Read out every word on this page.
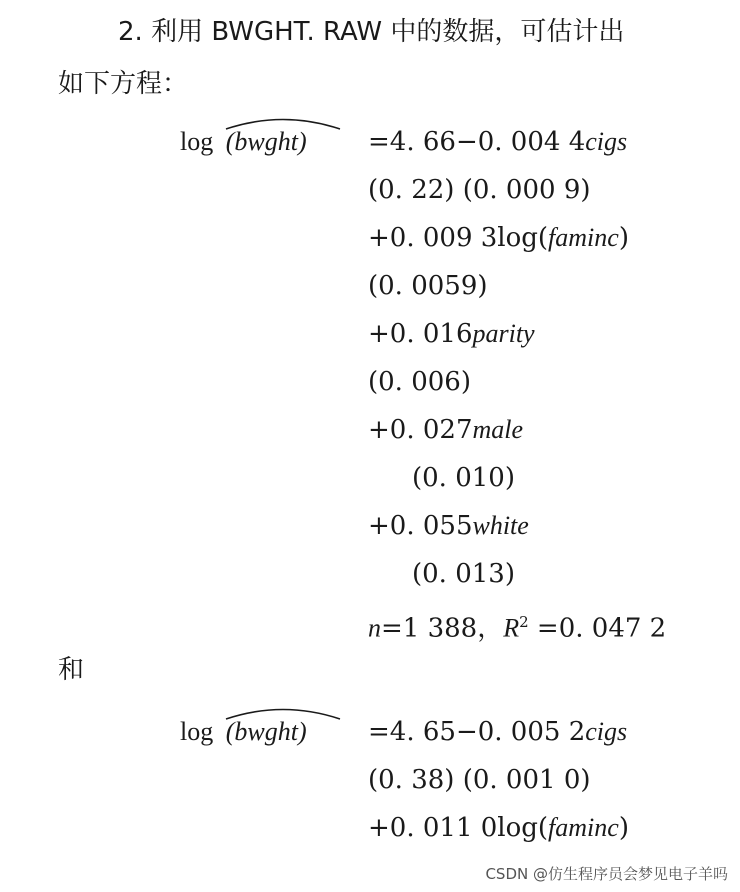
2. 利用 BWGHT. RAW 中的数据，可估计出
如下方程：
log (bwght) =4. 66−0. 004 4cigs
(0. 22) (0. 000 9)
+0. 009 3log(faminc)
(0. 0059)
+0. 016parity
(0. 006)
+0. 027male
(0. 010)
+0. 055white
(0. 013)
n=1 388，$R^2 =0$. 047 2
和
log (bwght) =4. 65−0. 005 2cigs
(0. 38) (0. 001 0)
+0. 011 0log(faminc)
CSDN @仿生程序员会梦见电子羊吗
